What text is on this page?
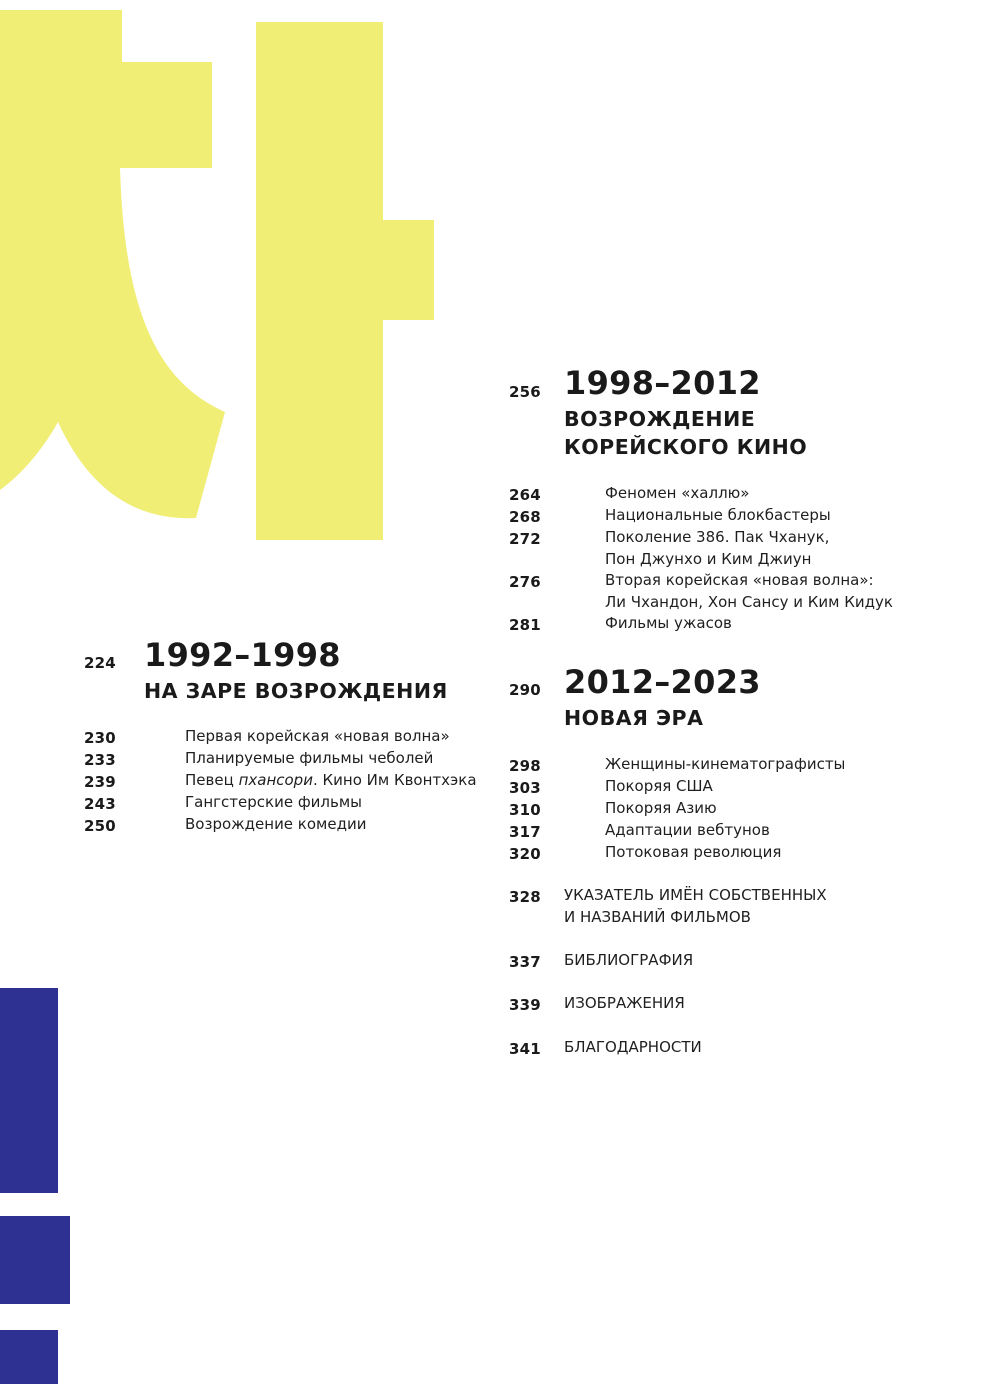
224 1992–1998
НА ЗАРЕ ВОЗРОЖДЕНИЯ
230	Первая корейская «новая волна»
233	Планируемые фильмы чеболей
239	Певец пхансори. Кино Им Квонтхэка
243	Гангстерские фильмы
250	Возрождение комедии
256 1998–2012
ВОЗРОЖДЕНИЕ
КОРЕЙСКОГО КИНО
264	Феномен «халлю»
268	Национальные блокбастеры
272	Поколение 386. Пак Чханук,
Пон Джунхо и Ким Джиун
276	Вторая корейская «новая волна»:
Ли Чхандон, Хон Сансу и Ким Кидук
281	Фильмы ужасов
290 2012–2023
НОВАЯ ЭРА
298	Женщины-кинематографисты
303	Покоряя США
310	Покоряя Азию
317	Адаптации вебтунов
320	Потоковая революция
328 УКАЗАТЕЛЬ ИМЁН СОБСТВЕННЫХ
И НАЗВАНИЙ ФИЛЬМОВ
337 БИБЛИОГРАФИЯ
339 ИЗОБРАЖЕНИЯ
341 БЛАГОДАРНОСТИ
